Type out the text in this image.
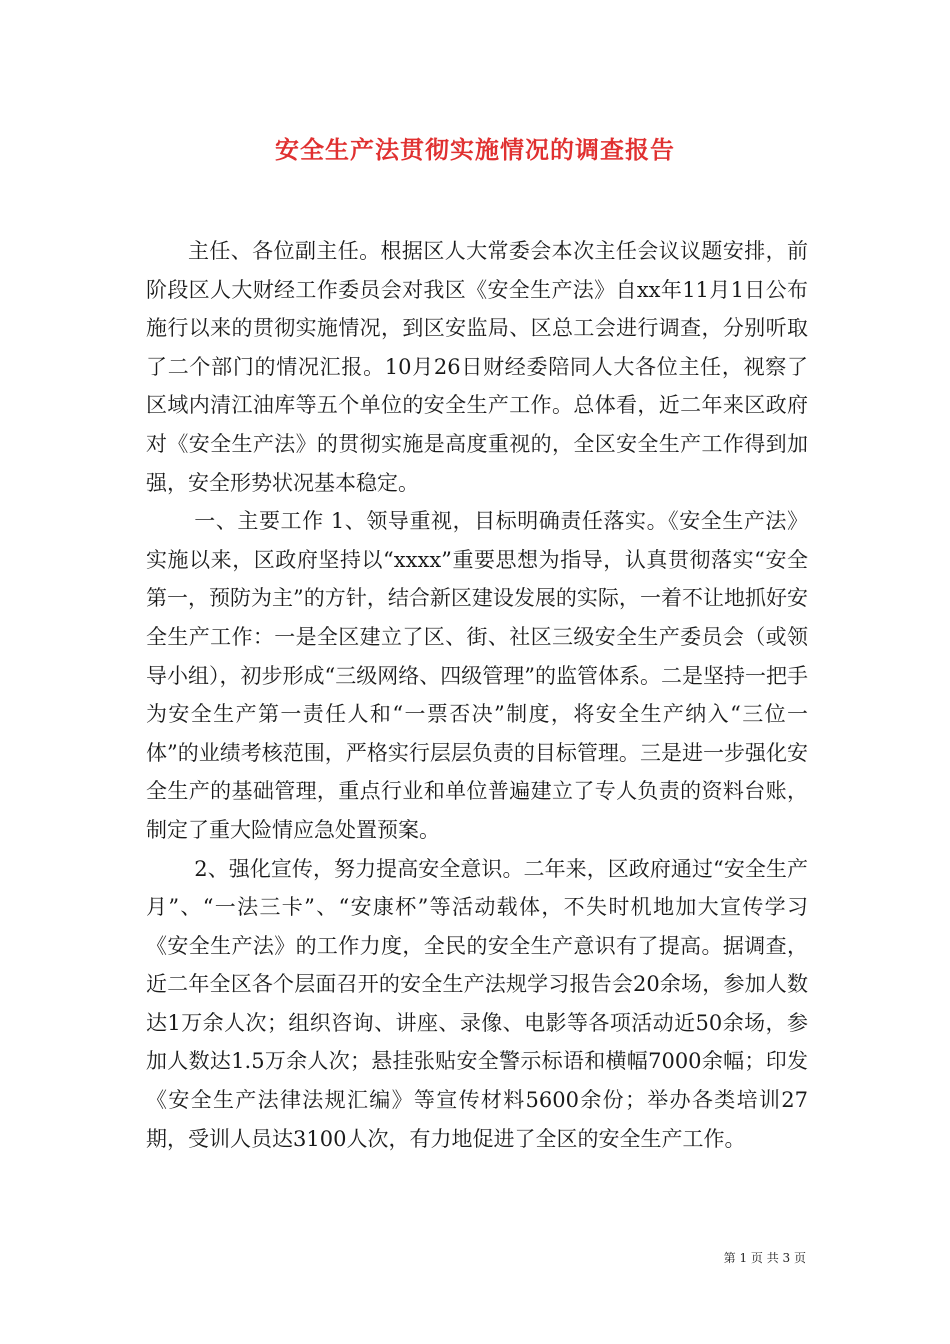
安全生产法贯彻实施情况的调查报告

主任、各位副主任。根据区人大常委会本次主任会议议题安排，前阶段区人大财经工作委员会对我区《安全生产法》自xx年11月1日公布施行以来的贯彻实施情况，到区安监局、区总工会进行调查，分别听取了二个部门的情况汇报。10月26日财经委陪同人大各位主任，视察了区域内清江油库等五个单位的安全生产工作。总体看，近二年来区政府对《安全生产法》的贯彻实施是高度重视的，全区安全生产工作得到加强，安全形势状况基本稳定。

一、主要工作 1、领导重视，目标明确责任落实。《安全生产法》实施以来，区政府坚持以“xxxx”重要思想为指导，认真贯彻落实“安全第一，预防为主”的方针，结合新区建设发展的实际，一着不让地抓好安全生产工作：一是全区建立了区、街、社区三级安全生产委员会（或领导小组），初步形成“三级网络、四级管理”的监管体系。二是坚持一把手为安全生产第一责任人和“一票否决”制度，将安全生产纳入“三位一体”的业绩考核范围，严格实行层层负责的目标管理。三是进一步强化安全生产的基础管理，重点行业和单位普遍建立了专人负责的资料台账，制定了重大险情应急处置预案。

2、强化宣传，努力提高安全意识。二年来，区政府通过“安全生产月”、“一法三卡”、“安康杯”等活动载体，不失时机地加大宣传学习《安全生产法》的工作力度，全民的安全生产意识有了提高。据调查，近二年全区各个层面召开的安全生产法规学习报告会20余场，参加人数达1万余人次；组织咨询、讲座、录像、电影等各项活动近50余场，参加人数达1.5万余人次；悬挂张贴安全警示标语和横幅7000余幅；印发《安全生产法律法规汇编》等宣传材料5600余份；举办各类培训27期，受训人员达3100人次，有力地促进了全区的安全生产工作。

第 1 页 共 3 页
